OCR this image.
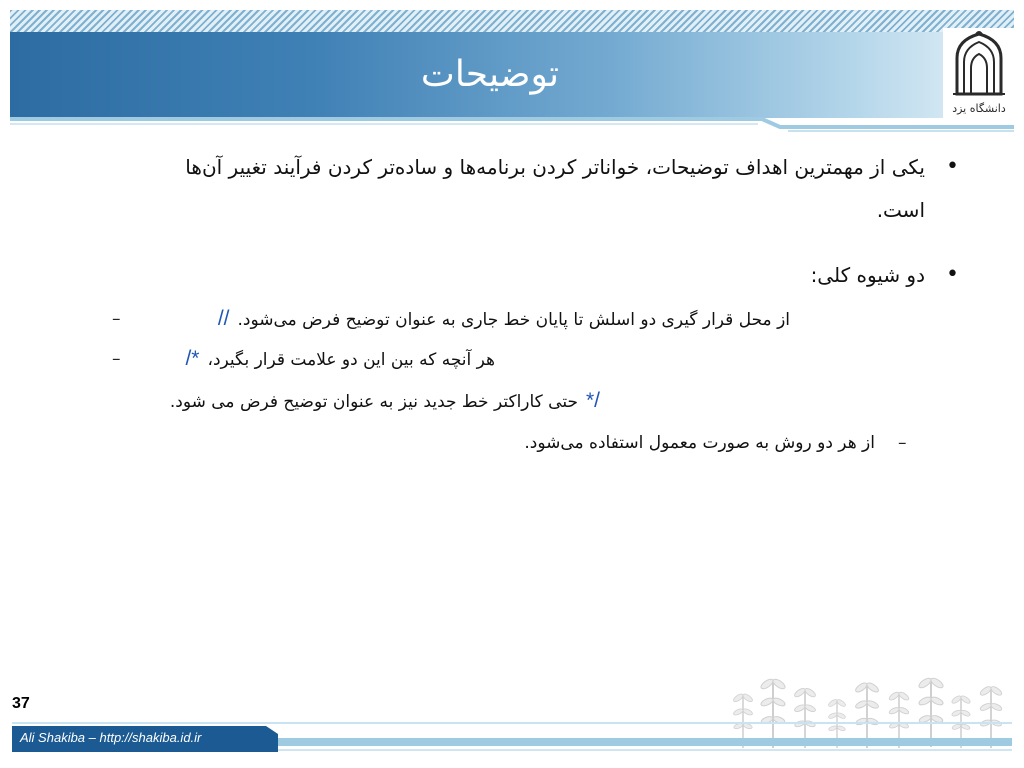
توضیحات
دانشگاه یزد
•
یکی از مهمترین اهداف توضیحات، خواناتر کردن برنامه‌ها و ساده‌تر کردن فرآیند تغییر آن‌ها
است.
•
دو شیوه کلی:
–	از محل قرار گیری دو اسلش تا پایان خط جاری به عنوان توضیح فرض می‌شود.
//
–	هر آنچه که بین این دو علامت قرار بگیرد،
/*
*/
حتی کاراکتر خط جدید نیز به عنوان توضیح فرض می شود.
–
از هر دو روش به صورت معمول استفاده می‌شود.
37
Ali Shakiba – http://shakiba.id.ir
